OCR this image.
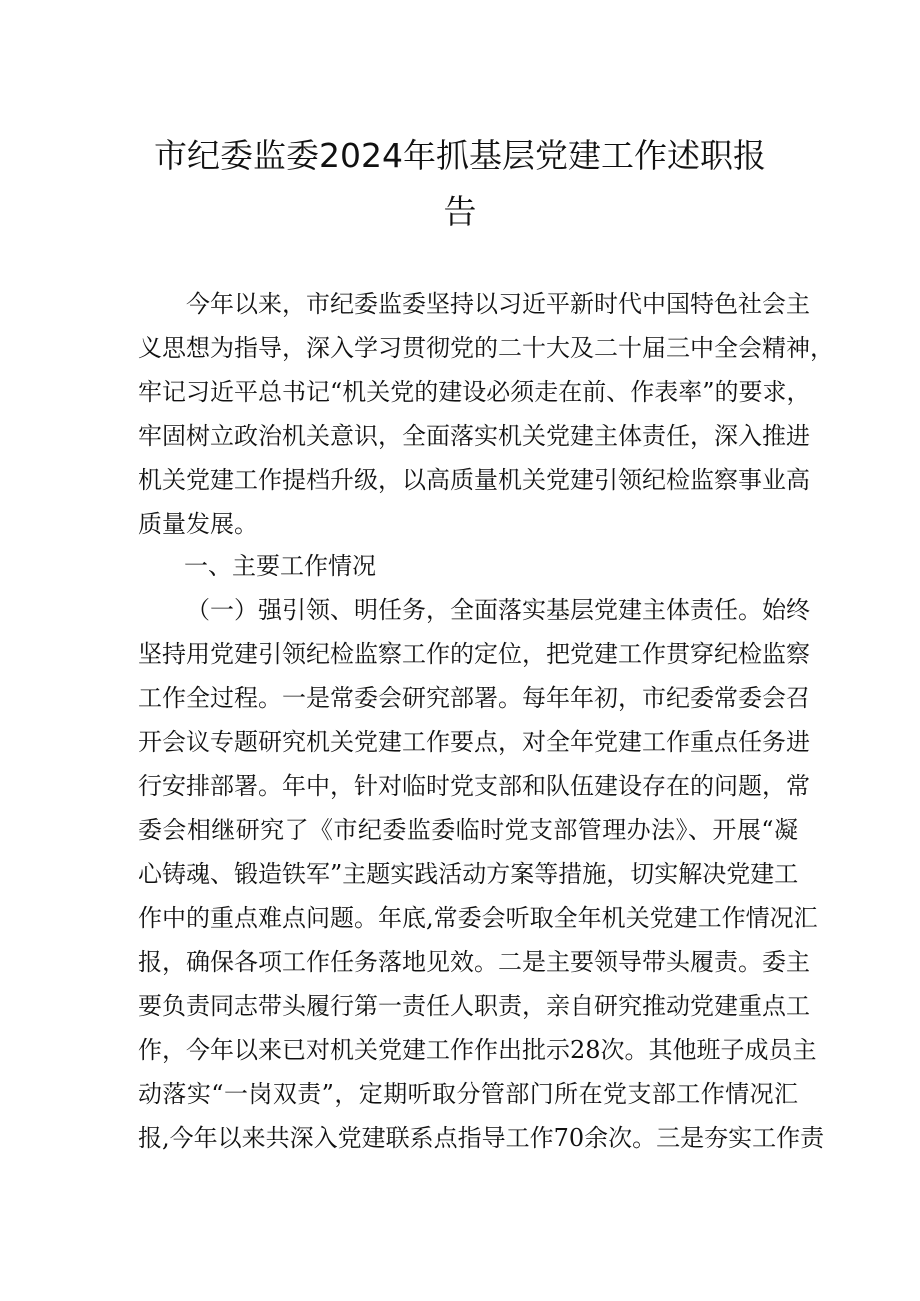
市纪委监委2024年抓基层党建工作述职报
告
今年以来，市纪委监委坚持以习近平新时代中国特色社会主
义思想为指导，深入学习贯彻党的二十大及二十届三中全会精神，
牢记习近平总书记“机关党的建设必须走在前、作表率”的要求，
牢固树立政治机关意识，全面落实机关党建主体责任，深入推进
机关党建工作提档升级，以高质量机关党建引领纪检监察事业高
质量发展。
一、主要工作情况
（一）强引领、明任务，全面落实基层党建主体责任。始终
坚持用党建引领纪检监察工作的定位，把党建工作贯穿纪检监察
工作全过程。一是常委会研究部署。每年年初，市纪委常委会召
开会议专题研究机关党建工作要点，对全年党建工作重点任务进
行安排部署。年中，针对临时党支部和队伍建设存在的问题，常
委会相继研究了《市纪委监委临时党支部管理办法》、开展“凝
心铸魂、锻造铁军”主题实践活动方案等措施，切实解决党建工
作中的重点难点问题。年底,常委会听取全年机关党建工作情况汇
报，确保各项工作任务落地见效。二是主要领导带头履责。委主
要负责同志带头履行第一责任人职责，亲自研究推动党建重点工
作，今年以来已对机关党建工作作出批示28次。其他班子成员主
动落实“一岗双责”，定期听取分管部门所在党支部工作情况汇
报,今年以来共深入党建联系点指导工作70余次。三是夯实工作责
